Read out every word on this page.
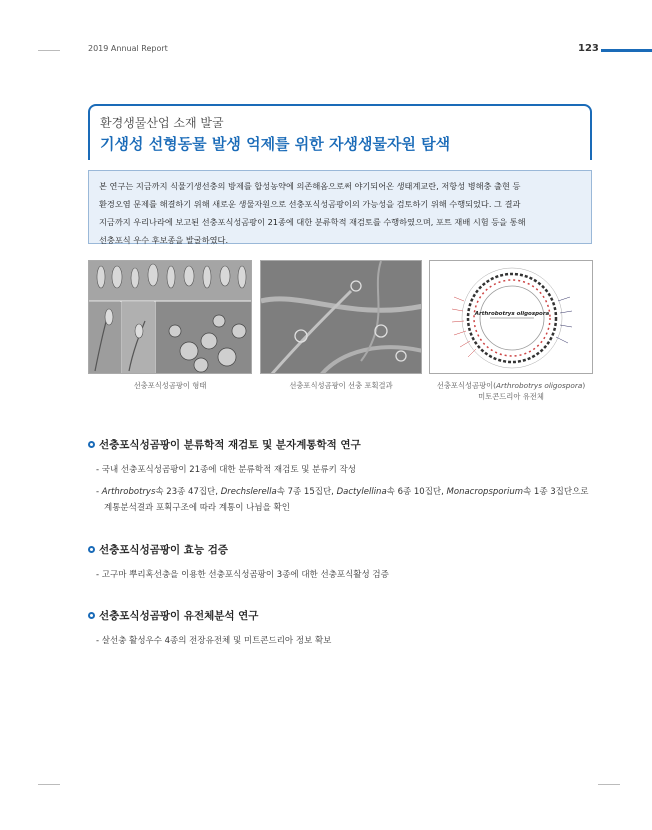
2019 Annual Report	123
환경생물산업 소재 발굴
기생성 선형동물 발생 억제를 위한 자생생물자원 탐색
본 연구는 지금까지 식물기생선충의 방제를 합성농약에 의존해옴으로써 야기되어온 생태계교란, 저항성 병해충 출현 등
환경오염 문제를 해결하기 위해 새로운 생물자원으로 선충포식성곰팡이의 가능성을 검토하기 위해 수행되었다. 그 결과
지금까지 우리나라에 보고된 선충포식성곰팡이 21종에 대한 분류학적 재검토를 수행하였으며, 포트 재배 시험 등을 통해
선충포식 우수 후보종을 발굴하였다.
Arthrobotrys oligospora
선충포식성곰팡이 형태	선충포식성곰팡이 선충 포획결과	선충포식성곰팡이(Arthrobotrys oligospora)
미토콘드리아 유전체
선충포식성곰팡이 분류학적 재검토 및 분자계통학적 연구
- 국내 선충포식성곰팡이 21종에 대한 분류학적 재검토 및 분류키 작성
- Arthrobotrys속 23종 47집단, Drechslerella속 7종 15집단, Dactylellina속 6종 10집단, Monacropsporium속 1종 3집단으로
계통분석결과 포획구조에 따라 계통이 나뉨을 확인
선충포식성곰팡이 효능 검증
- 고구마 뿌리혹선충을 이용한 선충포식성곰팡이 3종에 대한 선충포식활성 검증
선충포식성곰팡이 유전체분석 연구
- 살선충 활성우수 4종의 전장유전체 및 미트콘드리아 정보 확보
